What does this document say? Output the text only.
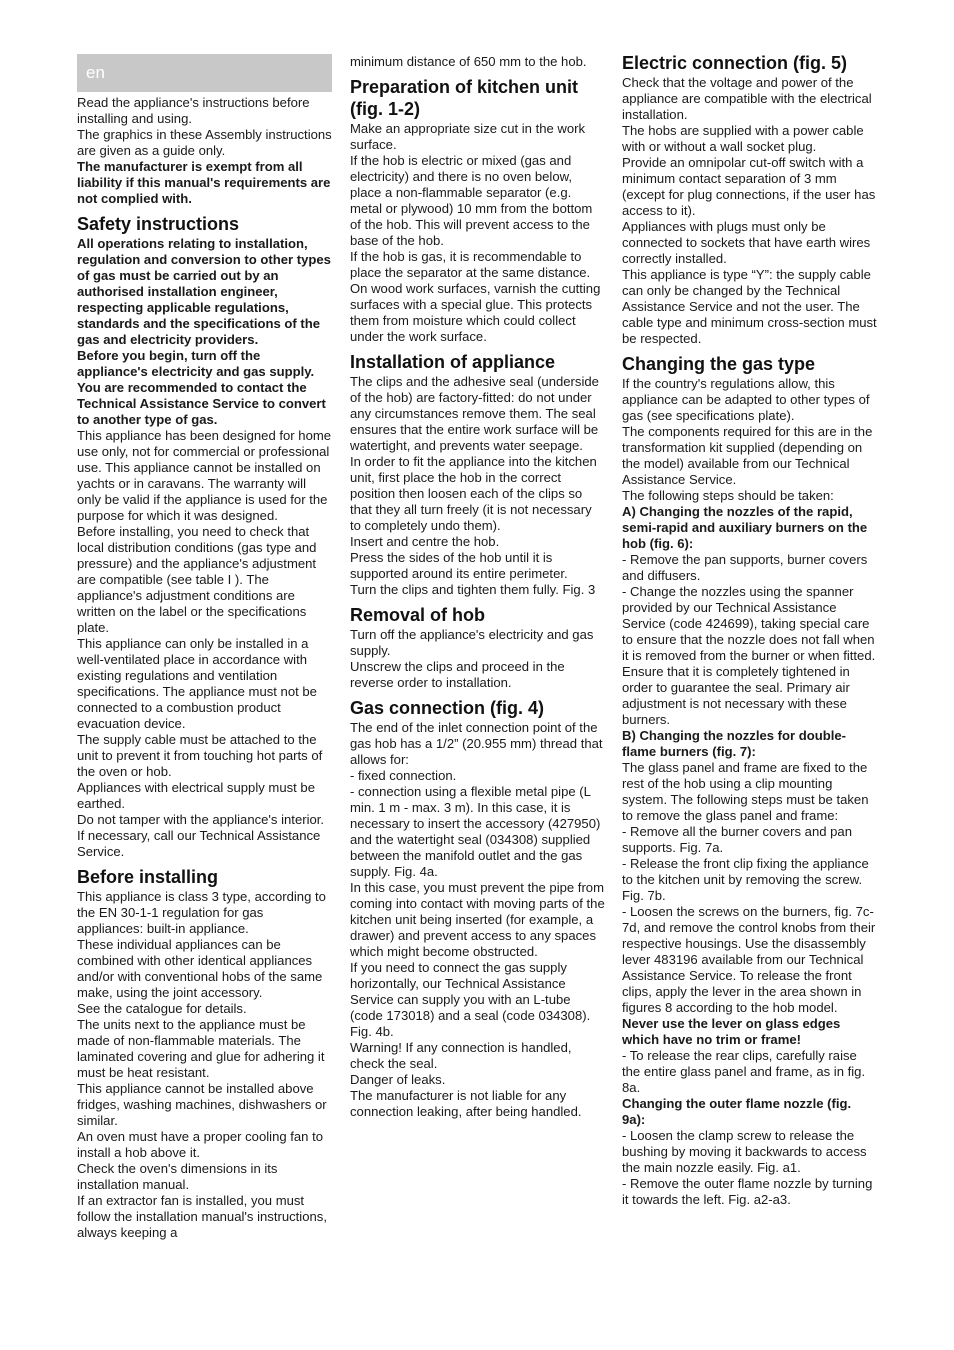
en

Read the appliance's instructions before installing and using.

The graphics in these Assembly instructions are given as a guide only.

The manufacturer is exempt from all liability if this manual's requirements are not complied with.

Safety instructions

All operations relating to installation, regulation and conversion to other types of gas must be carried out by an authorised installation engineer, respecting applicable regulations, standards and the specifications of the gas and electricity providers.

Before you begin, turn off the appliance's electricity and gas supply.

You are recommended to contact the Technical Assistance Service to convert to another type of gas.

This appliance has been designed for home use only, not for commercial or professional use. This appliance cannot be installed on yachts or in caravans. The warranty will only be valid if the appliance is used for the purpose for which it was designed.

Before installing, you need to check that local distribution conditions (gas type and pressure) and the appliance's adjustment are compatible (see table I ). The appliance's adjustment conditions are written on the label or the specifications plate.

This appliance can only be installed in a well-ventilated place in accordance with existing regulations and ventilation specifications. The appliance must not be connected to a combustion product evacuation device.

The supply cable must be attached to the unit to prevent it from touching hot parts of the oven or hob.

Appliances with electrical supply must be earthed.

Do not tamper with the appliance's interior. If necessary, call our Technical Assistance Service.

Before installing

This appliance is class 3 type, according to the EN 30-1-1 regulation for gas appliances: built-in appliance.

These individual appliances can be combined with other identical appliances and/or with conventional hobs of the same make, using the joint accessory.

See the catalogue for details.

The units next to the appliance must be made of non-flammable materials. The laminated covering and glue for adhering it must be heat resistant.

This appliance cannot be installed above fridges, washing machines, dishwashers or similar.

An oven must have a proper cooling fan to install a hob above it.

Check the oven's dimensions in its installation manual.

If an extractor fan is installed, you must follow the installation manual's instructions, always keeping a

minimum distance of 650 mm to the hob.

Preparation of kitchen unit (fig. 1-2)

Make an appropriate size cut in the work surface.

If the hob is electric or mixed (gas and electricity) and there is no oven below, place a non-flammable separator (e.g. metal or plywood) 10 mm from the bottom of the hob. This will prevent access to the base of the hob.

If the hob is gas, it is recommendable to place the separator at the same distance.

On wood work surfaces, varnish the cutting surfaces with a special glue. This protects them from moisture which could collect under the work surface.

Installation of appliance

The clips and the adhesive seal (underside of the hob) are factory-fitted: do not under any circumstances remove them. The seal ensures that the entire work surface will be watertight, and prevents water seepage.

In order to fit the appliance into the kitchen unit, first place the hob in the correct position then loosen each of the clips so that they all turn freely (it is not necessary to completely undo them).

Insert and centre the hob.

Press the sides of the hob until it is supported around its entire perimeter.

Turn the clips and tighten them fully. Fig. 3

Removal of hob

Turn off the appliance's electricity and gas supply.

Unscrew the clips and proceed in the reverse order to installation.

Gas connection (fig. 4)

The end of the inlet connection point of the gas hob has a 1/2” (20.955 mm) thread that allows for:

- fixed connection.

- connection using a flexible metal pipe (L min. 1 m - max. 3 m). In this case, it is necessary to insert the accessory (427950) and the watertight seal (034308) supplied between the manifold outlet and the gas supply. Fig. 4a.

In this case, you must prevent the pipe from coming into contact with moving parts of the kitchen unit being inserted (for example, a drawer) and prevent access to any spaces which might become obstructed.

If you need to connect the gas supply horizontally, our Technical Assistance Service can supply you with an L-tube (code 173018) and a seal (code 034308). Fig. 4b.

Warning! If any connection is handled, check the seal.

Danger of leaks.

The manufacturer is not liable for any connection leaking, after being handled.

Electric connection (fig. 5)

Check that the voltage and power of the appliance are compatible with the electrical installation.

The hobs are supplied with a power cable with or without a wall socket plug.

Provide an omnipolar cut-off switch with a minimum contact separation of 3 mm (except for plug connections, if the user has access to it).

Appliances with plugs must only be connected to sockets that have earth wires correctly installed.

This appliance is type “Y”: the supply cable can only be changed by the Technical Assistance Service and not the user. The cable type and minimum cross-section must be respected.

Changing the gas type

If the country's regulations allow, this appliance can be adapted to other types of gas (see specifications plate).

The components required for this are in the transformation kit supplied (depending on the model) available from our Technical Assistance Service.

The following steps should be taken:

A) Changing the nozzles of the rapid, semi-rapid and auxiliary burners on the hob (fig. 6):

- Remove the pan supports, burner covers and diffusers.

- Change the nozzles using the spanner provided by our Technical Assistance Service (code 424699), taking special care to ensure that the nozzle does not fall when it is removed from the burner or when fitted.

Ensure that it is completely tightened in order to guarantee the seal. Primary air adjustment is not necessary with these burners.

B) Changing the nozzles for double-flame burners (fig. 7):

The glass panel and frame are fixed to the rest of the hob using a clip mounting system. The following steps must be taken to remove the glass panel and frame:

- Remove all the burner covers and pan supports. Fig. 7a.

- Release the front clip fixing the appliance to the kitchen unit by removing the screw. Fig. 7b.

- Loosen the screws on the burners, fig. 7c-7d, and remove the control knobs from their respective housings. Use the disassembly lever 483196 available from our Technical Assistance Service. To release the front clips, apply the lever in the area shown in figures 8 according to the hob model.

Never use the lever on glass edges which have no trim or frame!

- To release the rear clips, carefully raise the entire glass panel and frame, as in fig. 8a.

Changing the outer flame nozzle (fig. 9a):

- Loosen the clamp screw to release the bushing by moving it backwards to access the main nozzle easily. Fig. a1.

- Remove the outer flame nozzle by turning it towards the left. Fig. a2-a3.
